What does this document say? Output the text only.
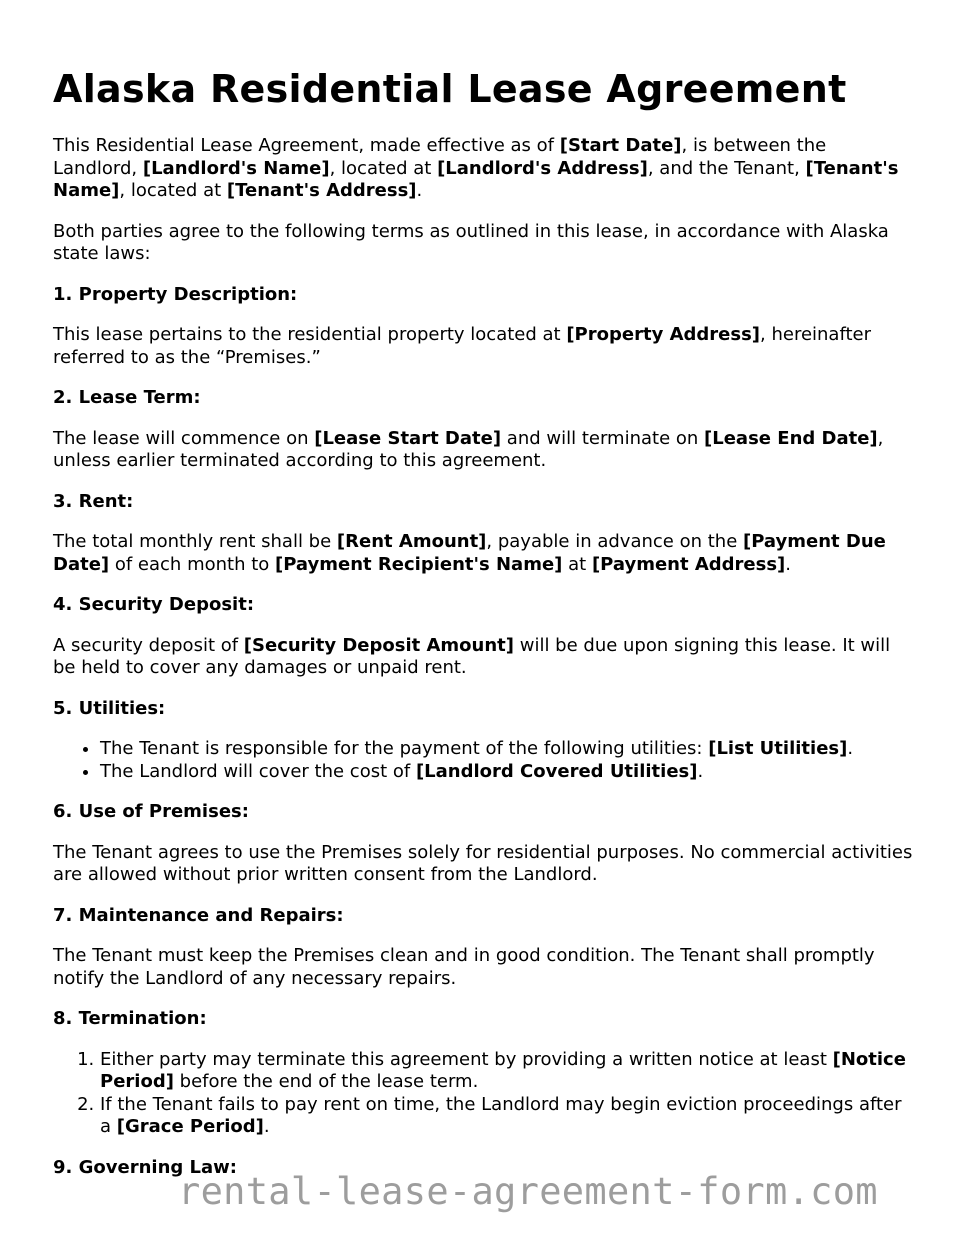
Alaska Residential Lease Agreement

This Residential Lease Agreement, made effective as of [Start Date], is between the Landlord, [Landlord's Name], located at [Landlord's Address], and the Tenant, [Tenant's Name], located at [Tenant's Address].

Both parties agree to the following terms as outlined in this lease, in accordance with Alaska state laws:

1. Property Description:

This lease pertains to the residential property located at [Property Address], hereinafter referred to as the “Premises.”

2. Lease Term:

The lease will commence on [Lease Start Date] and will terminate on [Lease End Date], unless earlier terminated according to this agreement.

3. Rent:

The total monthly rent shall be [Rent Amount], payable in advance on the [Payment Due Date] of each month to [Payment Recipient's Name] at [Payment Address].

4. Security Deposit:

A security deposit of [Security Deposit Amount] will be due upon signing this lease. It will be held to cover any damages or unpaid rent.

5. Utilities:
• The Tenant is responsible for the payment of the following utilities: [List Utilities].
• The Landlord will cover the cost of [Landlord Covered Utilities].
6. Use of Premises:

The Tenant agrees to use the Premises solely for residential purposes. No commercial activities are allowed without prior written consent from the Landlord.

7. Maintenance and Repairs:

The Tenant must keep the Premises clean and in good condition. The Tenant shall promptly notify the Landlord of any necessary repairs.

8. Termination:
1. Either party may terminate this agreement by providing a written notice at least [Notice Period] before the end of the lease term.
2. If the Tenant fails to pay rent on time, the Landlord may begin eviction proceedings after a [Grace Period].
9. Governing Law:
rental-lease-agreement-form.com
